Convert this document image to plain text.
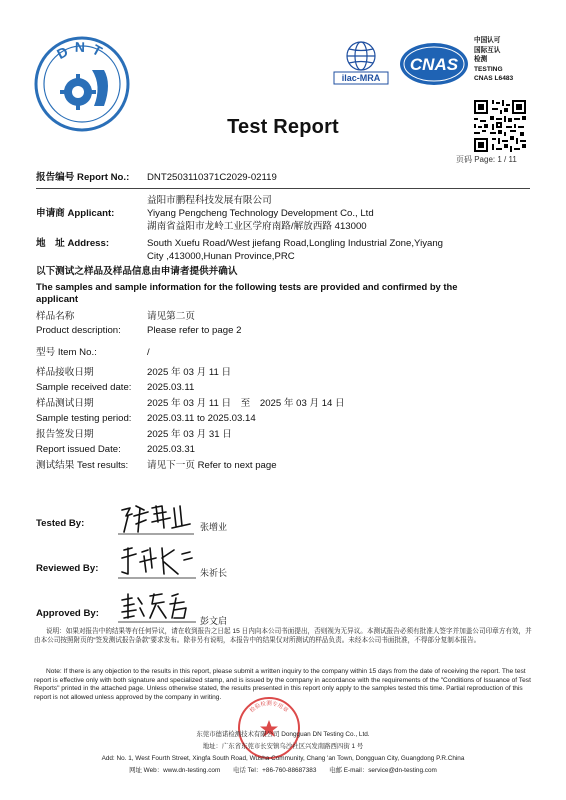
DNT
ilac-MRA
CNAS
中国认可
国际互认
检测
TESTING
CNAS L6483
Test Report
页码 Page: 1 / 11
报告编号 Report No.: DNT2503110371C2029-02119
申请商 Applicant:
益阳市鹏程科技发展有限公司
Yiyang Pengcheng Technology Development Co., Ltd
湖南省益阳市龙岭工业区学府南路/解放西路 413000
地　址 Address:	South Xuefu Road/West jiefang Road,Longling Industrial Zone,Yiyang
City ,413000,Hunan Province,PRC
以下测试之样品及样品信息由申请者提供并确认
The samples and sample information for the following tests are provided and confirmed by the
applicant
样品名称	请见第二页
Product description:	Please refer to page 2
型号 Item No.:	/
样品接收日期	2025 年 03 月 11 日
Sample received date: 2025.03.11
样品测试日期	2025 年 03 月 11 日　至　2025 年 03 月 14 日
Sample testing period: 2025.03.11 to 2025.03.14
报告签发日期	2025 年 03 月 31 日
Report issued Date:	2025.03.31
测试结果 Test results: 请见下一页 Refer to next page
Tested By:	张增业
Reviewed By:	朱祈长
Approved By:
彭文启
说明：如果对报告中的结果等有任何异议，请在收到报告之日起 15 日内向本公司书面提出，否则视为无异议。本测试报告必须有批准人签字并加盖公司印章方有效，并由本公司按照附页的“签发测试报告条款”要求发布。除非另有说明，本报告中的结果仅对所测试的样品负责。未经本公司书面批准，不得部分复制本报告。
Note: If there is any objection to the results in this report, please submit a written inquiry to the company within 15 days from the date of receiving the report. The test report is effective only with both signature and specialized stamp, and is issued by the company in accordance with the requirements of the "Conditions of Issuance of Test Reports" printed in the attached page. Unless otherwise stated, the results presented in this report only apply to the samples tested this time. Partial reproduction of this report is not allowed unless approved by the company in writing.
检验检测专用章
东莞市德诺检测技术有限公司 Dongguan DN Testing Co., Ltd.
地址：广东省东莞市长安镇乌沙社区兴发南路西四街 1 号
Add: No. 1, West Fourth Street, Xingfa South Road, Wusha Community, Chang 'an Town, Dongguan City, Guangdong P.R.China
网址 Web：www.dn-testing.com　　电话 Tel：+86-760-88687383　　电邮 E-mail：service@dn-testing.com
